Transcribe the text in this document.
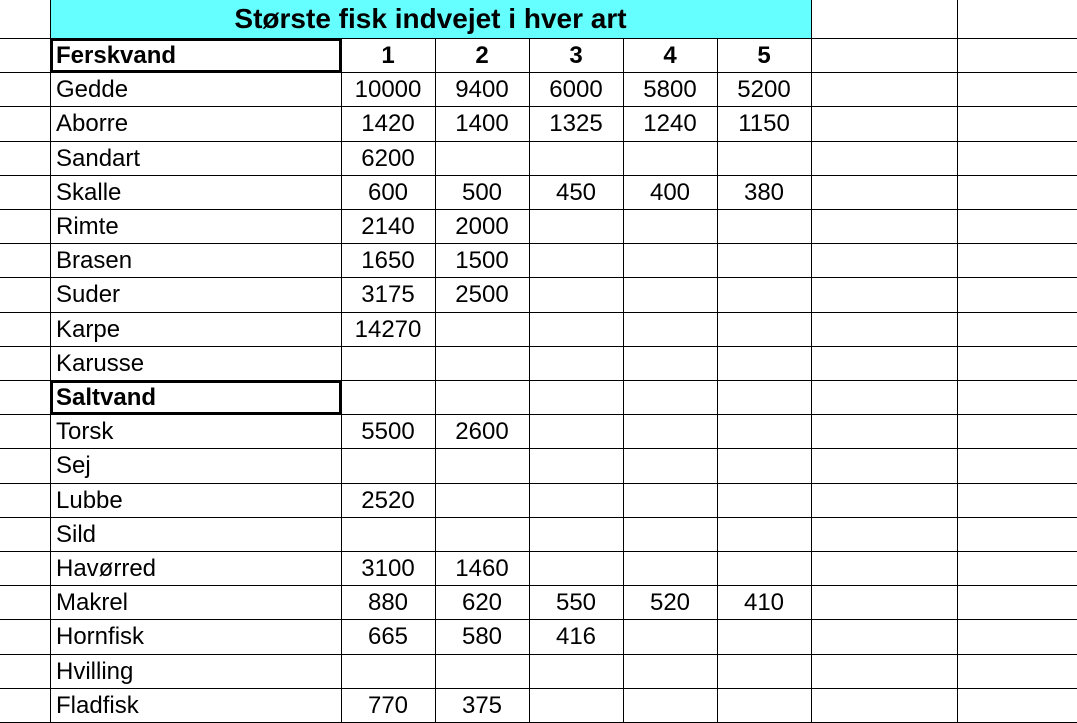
Største fisk indvejet i hver art
Ferskvand	1	2	3	4	5
Gedde	10000	9400	6000	5800	5200
Aborre	1420	1400	1325	1240	1150
Sandart	6200
Skalle	600	500	450	400	380
Rimte	2140	2000
Brasen	1650	1500
Suder	3175	2500
Karpe	14270
Karusse
Saltvand
Torsk	5500	2600
Sej
Lubbe	2520
Sild
Havørred	3100	1460
Makrel	880	620	550	520	410
Hornfisk	665	580	416
Hvilling
Fladfisk	770	375
